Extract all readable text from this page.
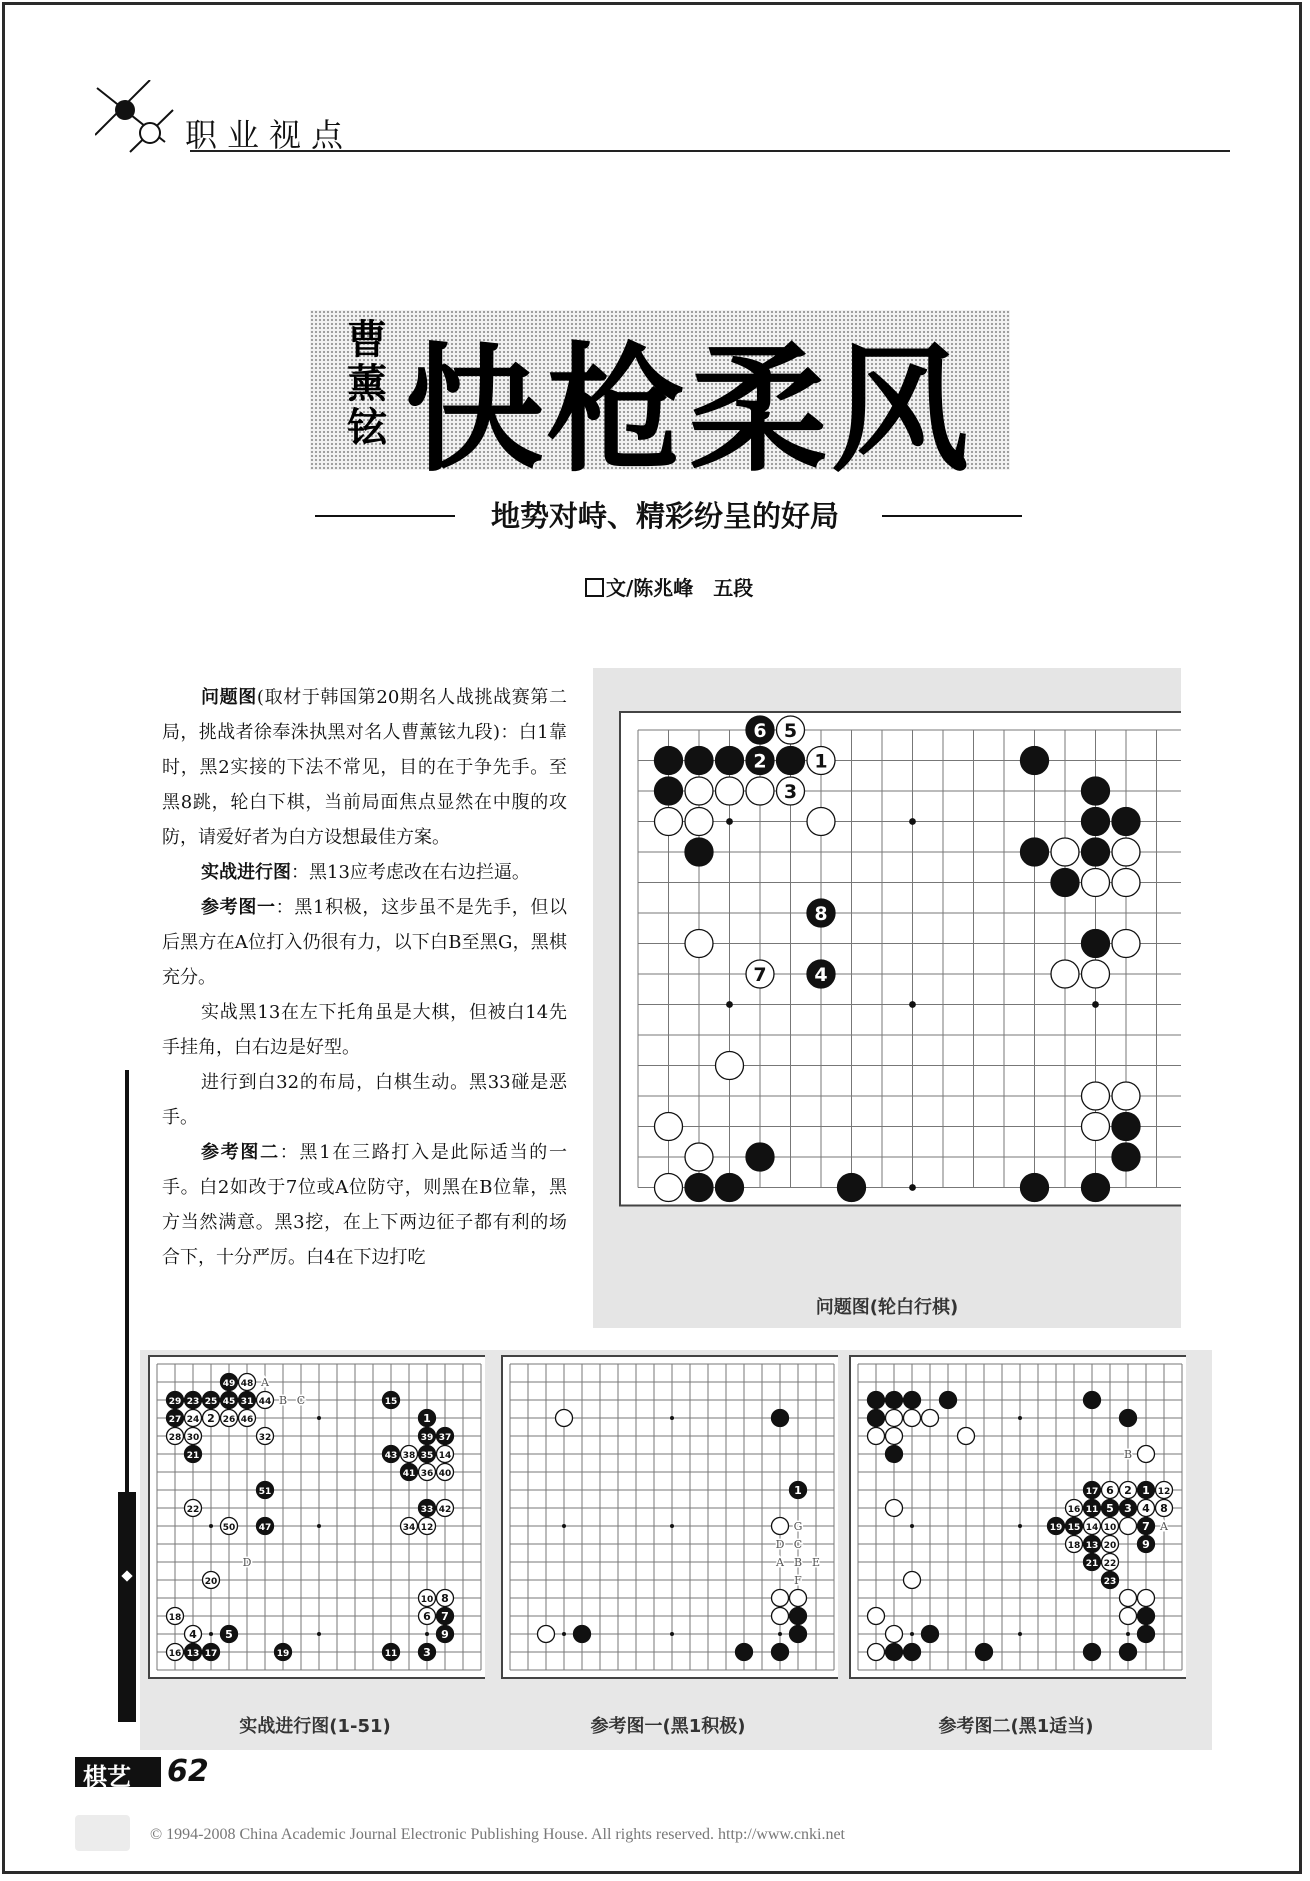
职业视点
曹薰铉 快枪柔风
地势对峙、精彩纷呈的好局
文/陈兆峰　五段

问题图(取材于韩国第20期名人战挑战赛第二局，挑战者徐奉洙执黑对名人曹薰铉九段)：白1靠时，黑2实接的下法不常见，目的在于争先手。至黑8跳，轮白下棋，当前局面焦点显然在中腹的攻防，请爱好者为白方设想最佳方案。

实战进行图：黑13应考虑改在右边拦逼。

参考图一：黑1积极，这步虽不是先手，但以后黑方在A位打入仍很有力，以下白B至黑G，黑棋充分。

实战黑13在左下托角虽是大棋，但被白14先手挂角，白右边是好型。

进行到白32的布局，白棋生动。黑33碰是恶手。

参考图二：黑1在三路打入是此际适当的一手。白2如改于7位或A位防守，则黑在B位靠，黑方当然满意。黑3挖，在上下两边征子都有利的场合下，十分严厉。白4在下边打吃

2	1
6 5
3
8
7	4
问题图(轮白行棋)
A
B C
D
49 48
29 23 25 45 31 44
27 24 2 26 46
28 30	32
21
15
1
39 37
43 38 35 14
41 36 40
51
22	33 42
50	47	34 12
20
10 8
18	6 7
4	5	9
16 13 17	19	11 3
G
D C
A B E
F
1
B
A
17 6 2 1 12
16 11 5 3 4 8
19 15 14 10 7
18 13 20 9
21 22
23
实战进行图(1-51)	参考图一(黑1积极)	参考图二(黑1适当)
棋艺 62
© 1994-2008 China Academic Journal Electronic Publishing House. All rights reserved. http://www.cnki.net
